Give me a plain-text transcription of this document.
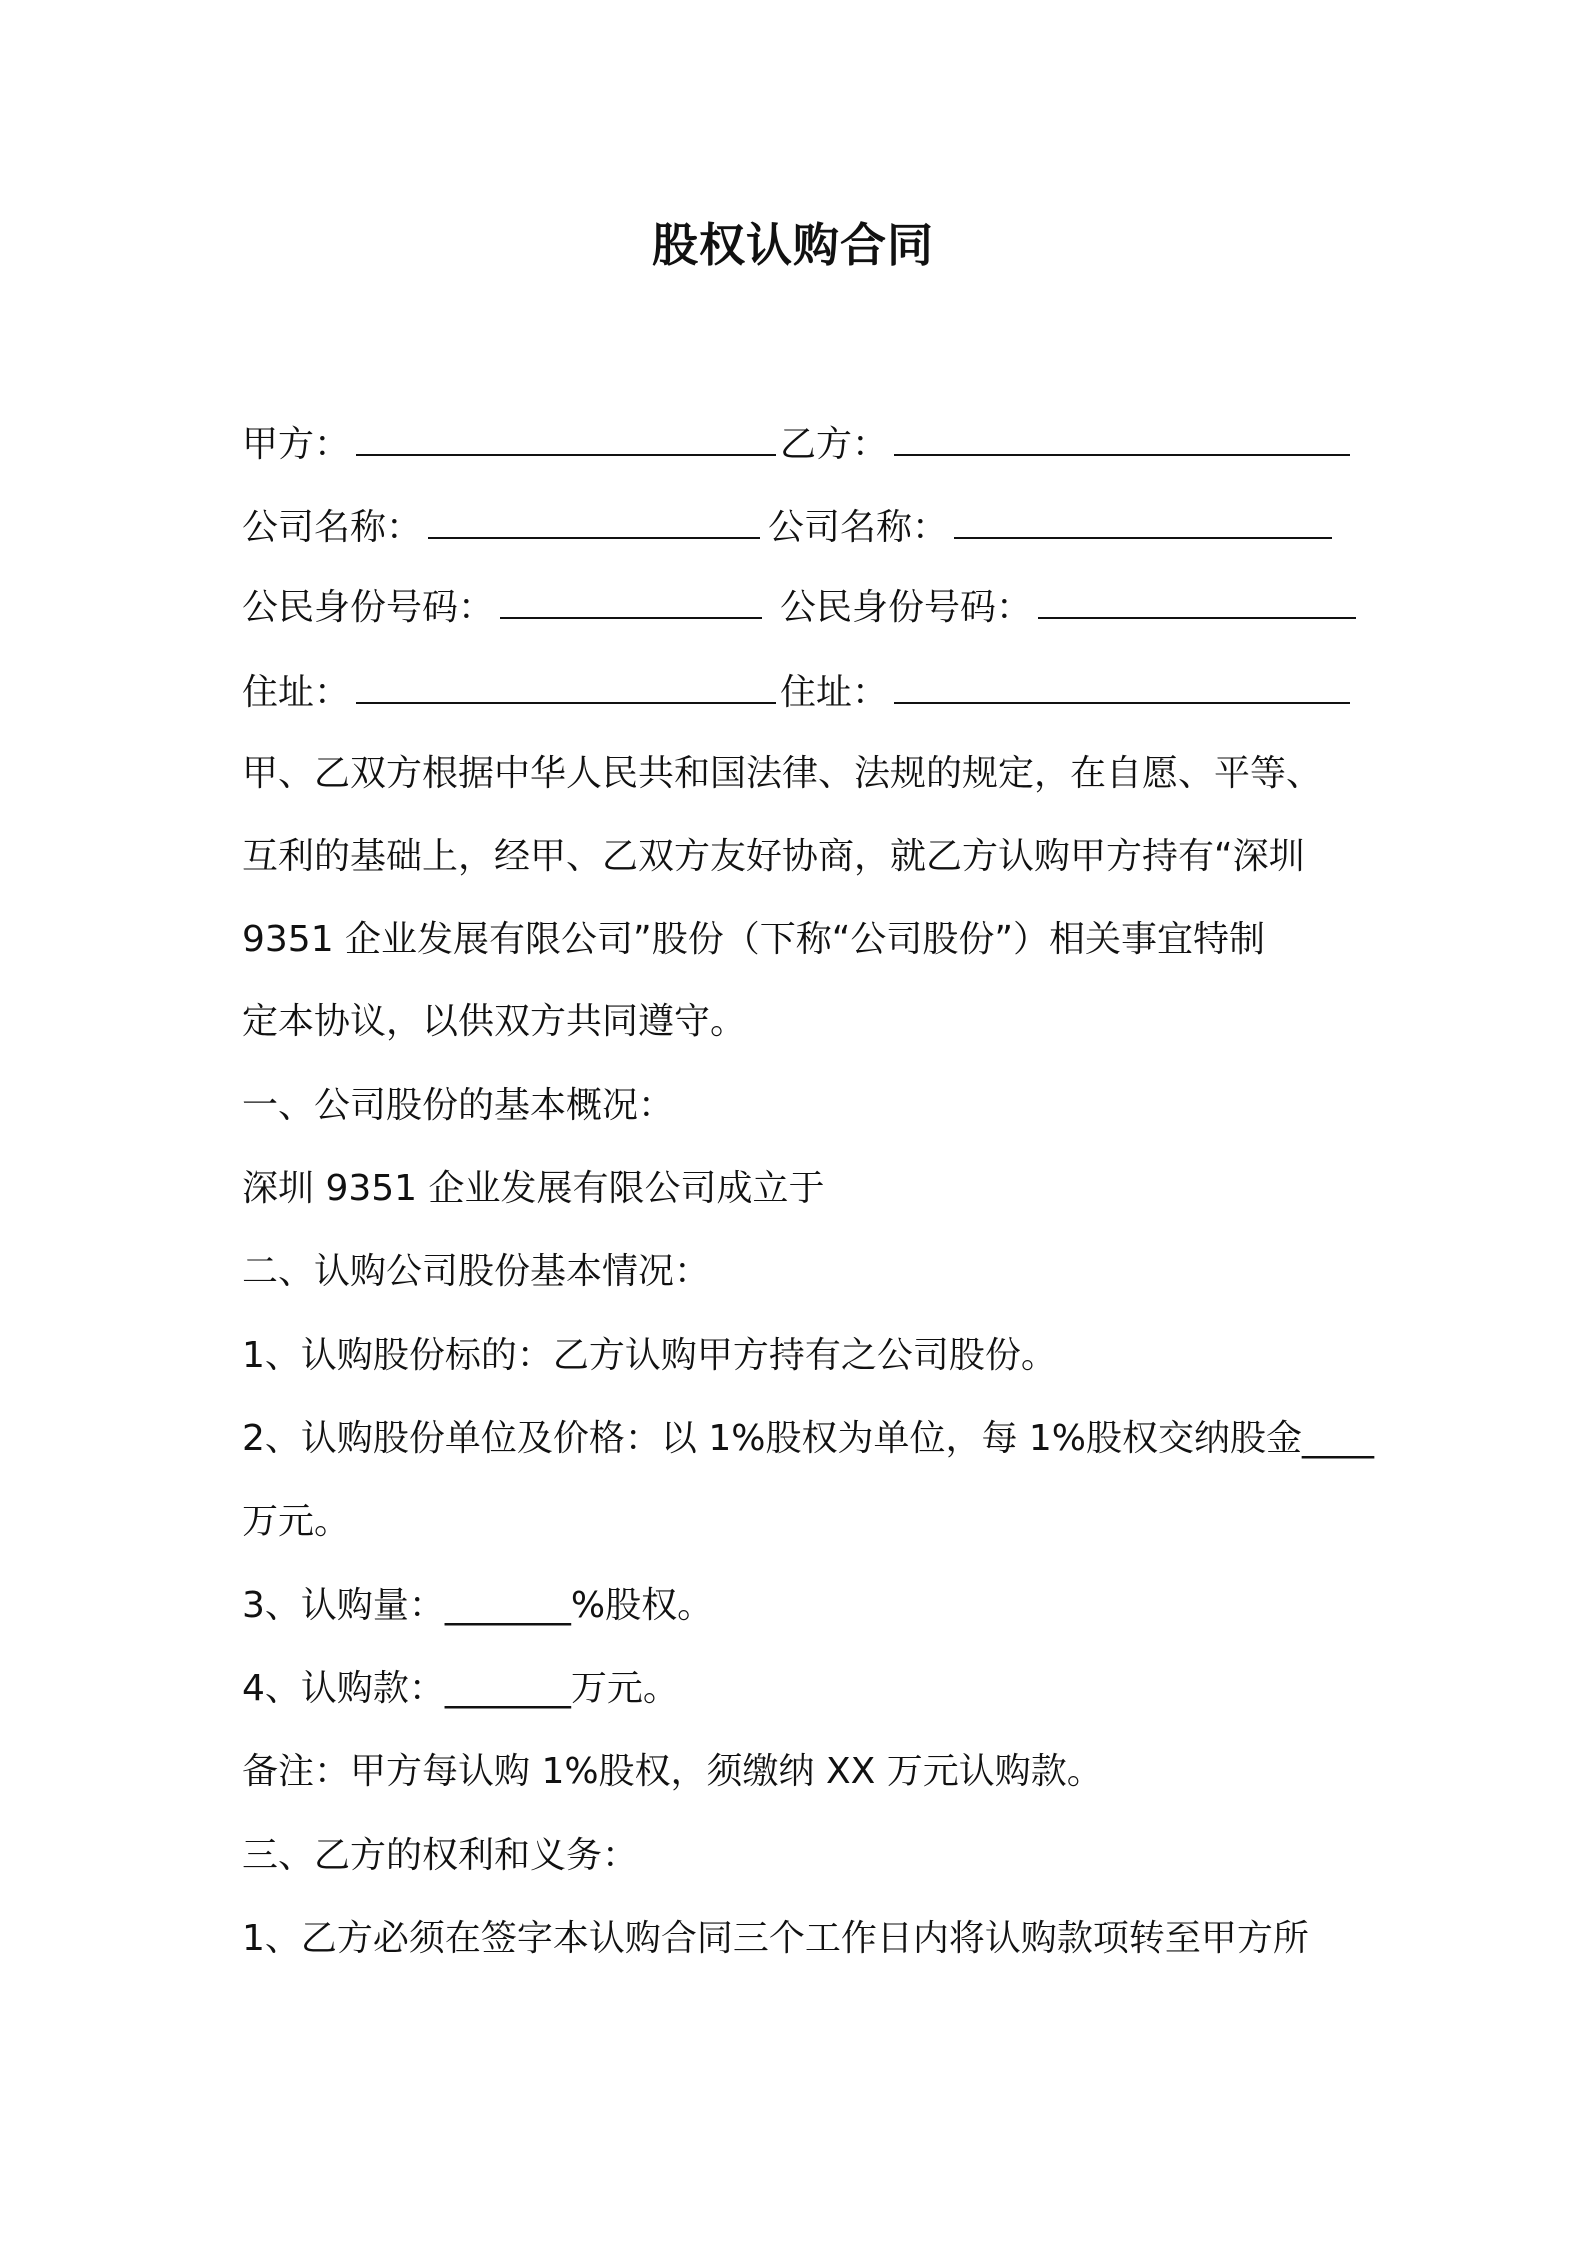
股权认购合同
甲方：	乙方：
公司名称：	公司名称：
公民身份号码：	公民身份号码：
住址：	住址：
甲、乙双方根据中华人民共和国法律、法规的规定，在自愿、平等、
互利的基础上，经甲、乙双方友好协商，就乙方认购甲方持有“深圳
9351 企业发展有限公司”股份（下称“公司股份”）相关事宜特制
定本协议，以供双方共同遵守。
一、公司股份的基本概况：
深圳 9351 企业发展有限公司成立于
二、认购公司股份基本情况：
1、认购股份标的：乙方认购甲方持有之公司股份。
2、认购股份单位及价格：以 1%股权为单位，每 1%股权交纳股金____
万元。
3、认购量：_______%股权。
4、认购款：_______万元。
备注：甲方每认购 1%股权，须缴纳 XX 万元认购款。
三、乙方的权利和义务：
1、乙方必须在签字本认购合同三个工作日内将认购款项转至甲方所
